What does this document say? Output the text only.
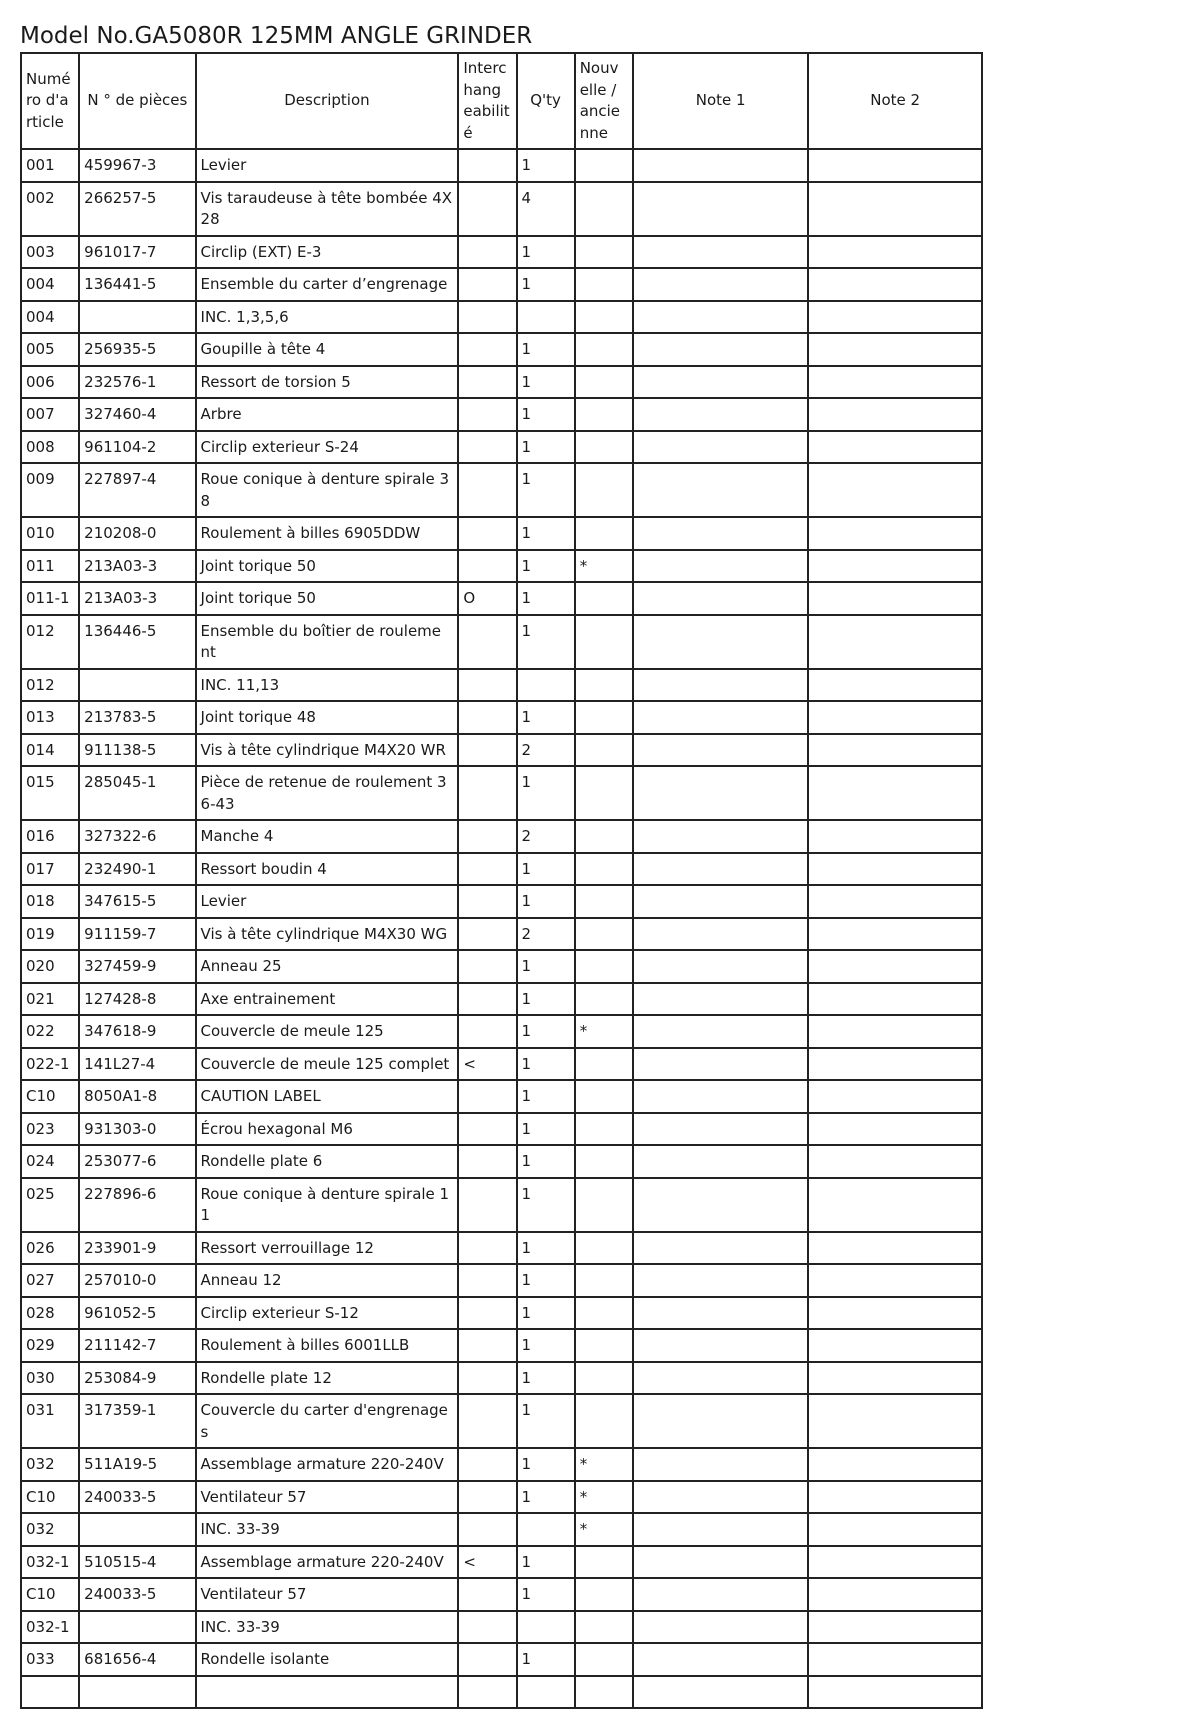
Model No.GA5080R 125MM ANGLE GRINDER
Numé ro d'a rticle	N ° de pièces	Description	Interc hang eabilit é	Q'ty	Nouv elle / ancie nne	Note 1	Note 2
001	459967-3	Levier		1			
002	266257-5	Vis taraudeuse à tête bombée 4X 28		4			
003	961017-7	Circlip (EXT) E-3		1			
004	136441-5	Ensemble du carter d’engrenage		1			
004		INC. 1,3,5,6					
005	256935-5	Goupille à tête 4		1			
006	232576-1	Ressort de torsion 5		1			
007	327460-4	Arbre		1			
008	961104-2	Circlip exterieur S-24		1			
009	227897-4	Roue conique à denture spirale 3 8		1			
010	210208-0	Roulement à billes 6905DDW		1			
011	213A03-3	Joint torique 50		1	*		
011-1	213A03-3	Joint torique 50	O	1			
012	136446-5	Ensemble du boîtier de rouleme nt		1			
012		INC. 11,13					
013	213783-5	Joint torique 48		1			
014	911138-5	Vis à tête cylindrique M4X20 WR		2			
015	285045-1	Pièce de retenue de roulement 3 6-43		1			
016	327322-6	Manche 4		2			
017	232490-1	Ressort boudin 4		1			
018	347615-5	Levier		1			
019	911159-7	Vis à tête cylindrique M4X30 WG		2			
020	327459-9	Anneau 25		1			
021	127428-8	Axe entrainement		1			
022	347618-9	Couvercle de meule 125		1	*		
022-1	141L27-4	Couvercle de meule 125 complet	<	1			
C10	8050A1-8	CAUTION LABEL		1			
023	931303-0	Écrou hexagonal M6		1			
024	253077-6	Rondelle plate 6		1			
025	227896-6	Roue conique à denture spirale 1 1		1			
026	233901-9	Ressort verrouillage 12		1			
027	257010-0	Anneau 12		1			
028	961052-5	Circlip exterieur S-12		1			
029	211142-7	Roulement à billes 6001LLB		1			
030	253084-9	Rondelle plate 12		1			
031	317359-1	Couvercle du carter d'engrenage s		1			
032	511A19-5	Assemblage armature 220-240V		1	*		
C10	240033-5	Ventilateur 57		1	*		
032		INC. 33-39			*		
032-1	510515-4	Assemblage armature 220-240V	<	1			
C10	240033-5	Ventilateur 57		1			
032-1		INC. 33-39					
033	681656-4	Rondelle isolante		1			
